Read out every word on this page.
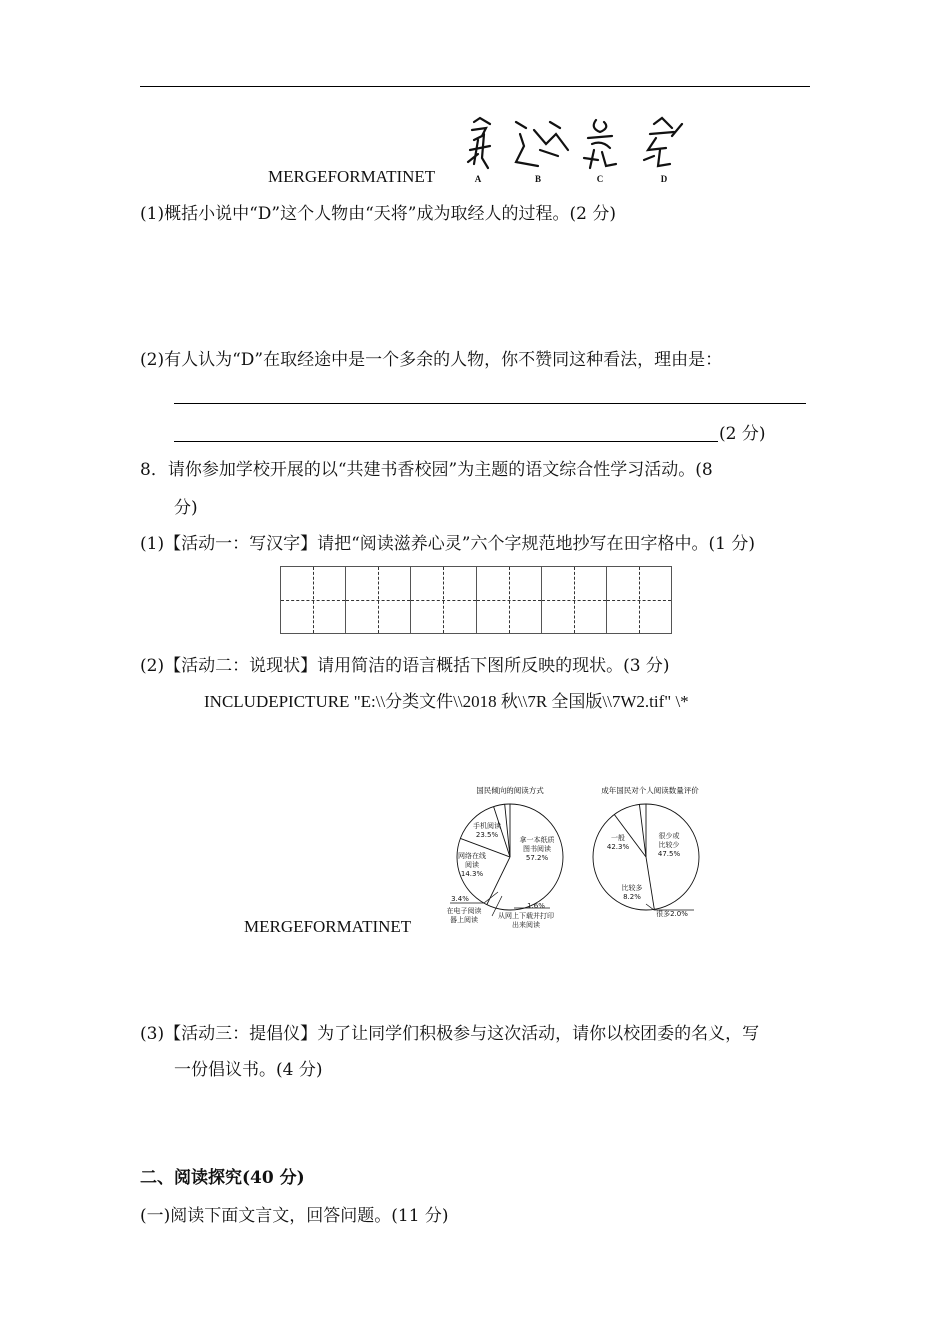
MERGEFORMATINET	A	B	C	D
(1)概括小说中“D”这个人物由“天将”成为取经人的过程。(2 分)
(2)有人认为“D”在取经途中是一个多余的人物，你不赞同这种看法，理由是：
(2 分)
8．请你参加学校开展的以“共建书香校园”为主题的语文综合性学习活动。(8
分)
(1)【活动一：写汉字】请把“阅读滋养心灵”六个字规范地抄写在田字格中。(1 分)
(2)【活动二：说现状】请用简洁的语言概括下图所反映的现状。(3 分)
INCLUDEPICTURE "E:\\分类文件\\2018 秋\\7R 全国版\\7W2.tif" \*
MERGEFORMATINET
国民倾向的阅读方式
拿一本纸质
图书阅读
57.2%
手机阅读
23.5%
网络在线
阅读
14.3%
3.4%
在电子阅读
器上阅读
1.6%
从网上下载并打印
出来阅读
成年国民对个人阅读数量评价
很少或
比较少
47.5%
一般
42.3%
比较多
8.2%
很多2.0%
(3)【活动三：提倡仪】为了让同学们积极参与这次活动，请你以校团委的名义，写
一份倡议书。(4 分)
二、阅读探究(40 分)
(一)阅读下面文言文，回答问题。(11 分)
